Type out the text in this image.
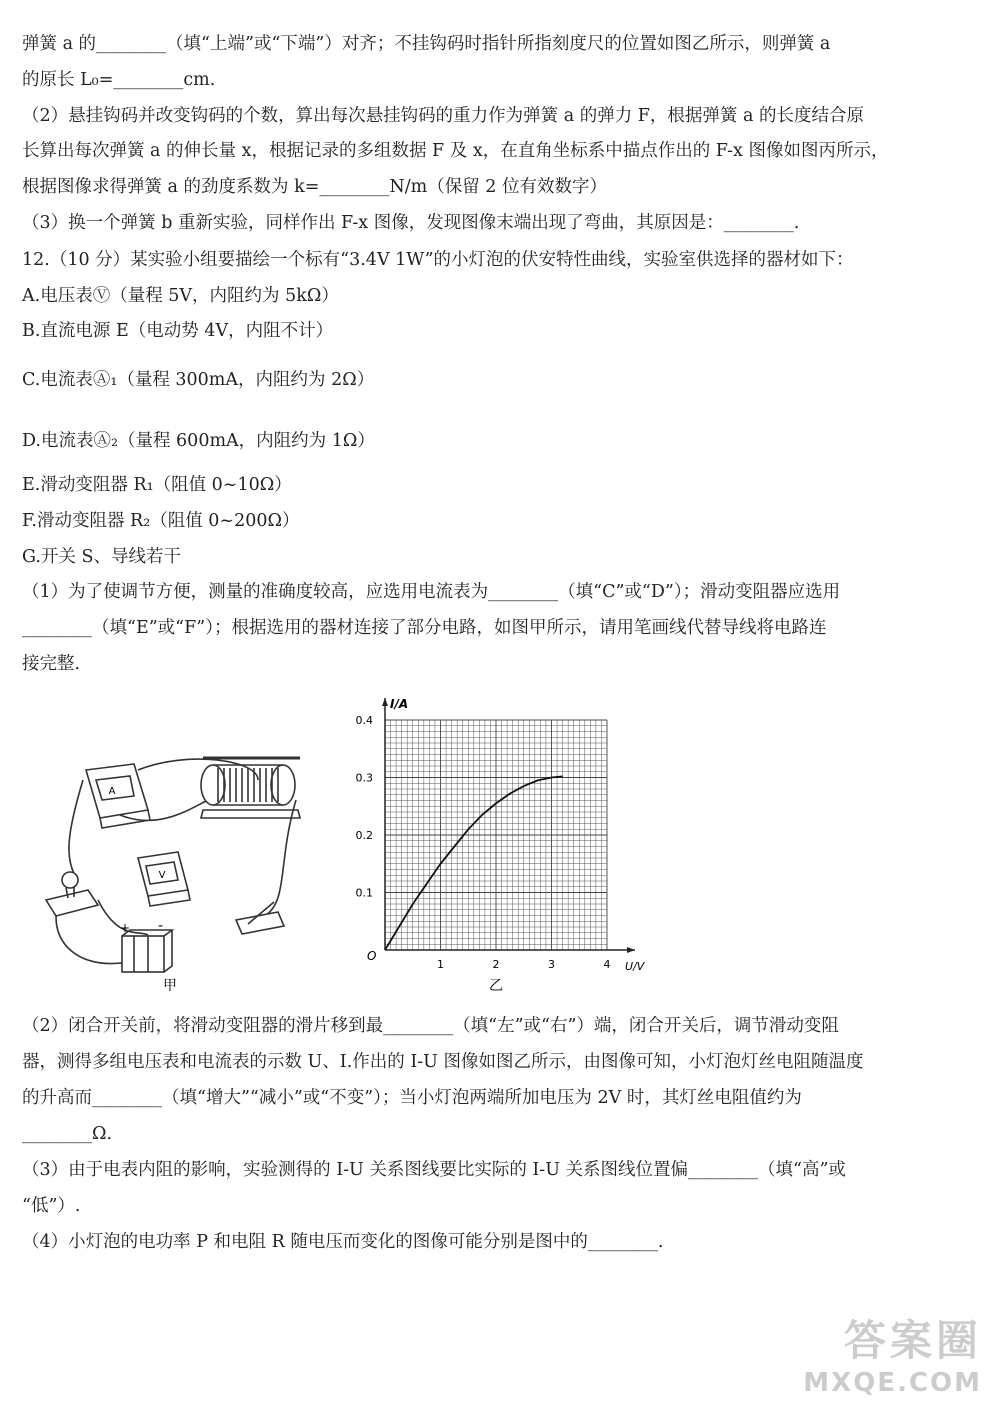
弹簧 a 的________（填“上端”或“下端”）对齐；不挂钩码时指针所指刻度尺的位置如图乙所示，则弹簧 a
的原长 L₀=________cm.
（2）悬挂钩码并改变钩码的个数，算出每次悬挂钩码的重力作为弹簧 a 的弹力 F，根据弹簧 a 的长度结合原
长算出每次弹簧 a 的伸长量 x，根据记录的多组数据 F 及 x，在直角坐标系中描点作出的 F-x 图像如图丙所示，
根据图像求得弹簧 a 的劲度系数为 k=________N/m（保留 2 位有效数字）
（3）换一个弹簧 b 重新实验，同样作出 F-x 图像，发现图像末端出现了弯曲，其原因是：________.
12.（10 分）某实验小组要描绘一个标有“3.4V 1W”的小灯泡的伏安特性曲线，实验室供选择的器材如下：
A.电压表Ⓥ（量程 5V，内阻约为 5kΩ）
B.直流电源 E（电动势 4V，内阻不计）
C.电流表Ⓐ₁（量程 300mA，内阻约为 2Ω）
D.电流表Ⓐ₂（量程 600mA，内阻约为 1Ω）
E.滑动变阻器 R₁（阻值 0~10Ω）
F.滑动变阻器 R₂（阻值 0~200Ω）
G.开关 S、导线若干
（1）为了使调节方便，测量的准确度较高，应选用电流表为________（填“C”或“D”）；滑动变阻器应选用
________（填“E”或“F”）；根据选用的器材连接了部分电路，如图甲所示，请用笔画线代替导线将电路连
接完整.
A
V
+ -
甲
I/A
U/V
O
1	2	3	4
0.1
0.2
0.3
0.4
乙
（2）闭合开关前，将滑动变阻器的滑片移到最________（填“左”或“右”）端，闭合开关后，调节滑动变阻
器，测得多组电压表和电流表的示数 U、I.作出的 I-U 图像如图乙所示，由图像可知，小灯泡灯丝电阻随温度
的升高而________（填“增大”“减小”或“不变”）；当小灯泡两端所加电压为 2V 时，其灯丝电阻值约为
________Ω.
（3）由于电表内阻的影响，实验测得的 I-U 关系图线要比实际的 I-U 关系图线位置偏________（填“高”或
“低”）.
（4）小灯泡的电功率 P 和电阻 R 随电压而变化的图像可能分别是图中的________.
答案圈
MXQE.COM
